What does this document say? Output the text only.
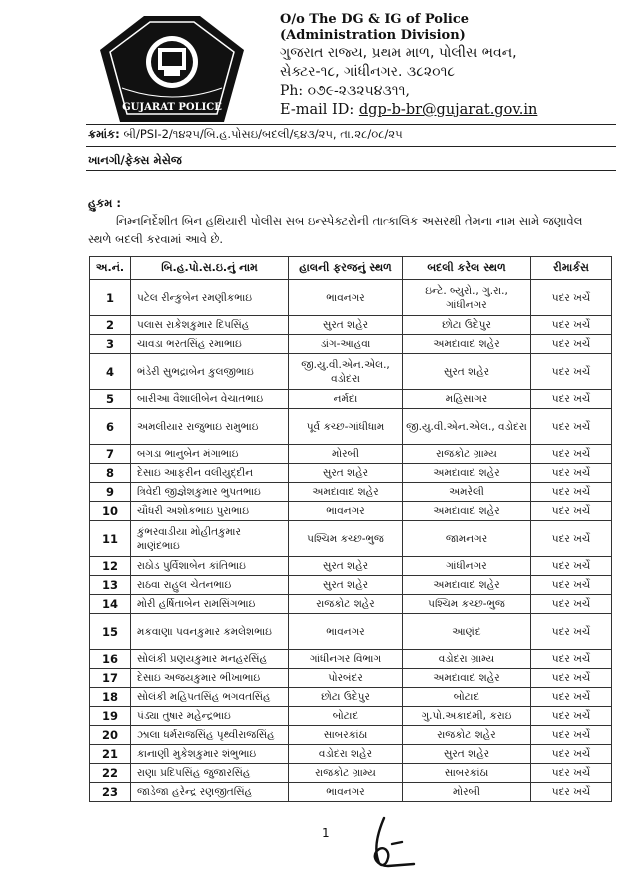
GUJARAT POLICE
O/o The DG & IG of Police
(Administration Division)
ગુજરાત રાજ્ય, પ્રથમ માળ, પોલીસ ભવન,
સેક્ટર-૧૮, ગાંધીનગર. ૩૮૨૦૧૮
Ph: ૦૭૯-૨૩૨૫૪૩૧૧,
E-mail ID: dgp-b-br@gujarat.gov.in
ક્રમાંક: બી/PSI-2/૧૪૨૫/બિ.હ.પોસઇ/બદલી/૬૪૩/૨૫, તા.૨૮/૦૮/૨૫
ખાનગી/ફેક્સ મેસેજ
હુકમ :
નિમ્નનિર્દેશીત બિન હથિયારી પોલીસ સબ ઇન્સ્પેક્ટરોની તાત્કાલિક અસરથી તેમના નામ સામે જણાવેલ સ્થળે બદલી કરવામાં આવે છે.
અ.નં.	બિ.હ.પો.સ.ઇ.નું નામ	હાલની ફરજનું સ્થળ	બદલી કરેલ સ્થળ	રીમાર્કસ
1	પટેલ રીન્કુબેન રમણીકભાઇ	ભાવનગર	ઇન્ટે. બ્યુરો., ગુ.રા., ગાંધીનગર	પદર ખર્ચે
2	પલાસ રાકેશકુમાર દિપસિંહ	સુરત શહેર	છોટા ઉદેપુર	પદર ખર્ચે
3	ચાવડા ભરતસિંહ રમાભાઇ	ડાંગ-આહવા	અમદાવાદ શહેર	પદર ખર્ચે
4	ભંડેરી સુભદ્રાબેન કુલજીભાઇ	જી.યુ.વી.એન.એલ., વડોદરા	સુરત શહેર	પદર ખર્ચે
5	બારીઆ વૈશાલીબેન વેચાતભાઇ	નર્મદા	મહિસાગર	પદર ખર્ચે
6	અમલીયાર રાજુભાઇ રામુભાઇ	પૂર્વ કચ્છ-ગાંધીધામ	જી.યુ.વી.એન.એલ., વડોદરા	પદર ખર્ચે
7	બગડા ભાનુબેન મંગાભાઇ	મોરબી	રાજકોટ ગ્રામ્ય	પદર ખર્ચે
8	દેસાઇ આફરીન વલીયુદ્દીન	સુરત શહેર	અમદાવાદ શહેર	પદર ખર્ચે
9	ત્રિવેદી જીજ્ઞેશકુમાર ભુપતભાઇ	અમદાવાદ શહેર	અમરેલી	પદર ખર્ચે
10	ચૌધરી અશોકભાઇ પુરાભાઇ	ભાવનગર	અમદાવાદ શહેર	પદર ખર્ચે
11	કુંભરવાડીયા મોહીતકુમાર માણંદભાઇ	પશ્ચિમ કચ્છ-ભુજ	જામનગર	પદર ખર્ચે
12	રાઠોડ પુર્વિશાબેન કાંતિભાઇ	સુરત શહેર	ગાંધીનગર	પદર ખર્ચે
13	રાઠવા રાહુલ ચેતનભાઇ	સુરત શહેર	અમદાવાદ શહેર	પદર ખર્ચે
14	મોરી હર્ષિતાબેન રામસિંગભાઇ	રાજકોટ શહેર	પશ્ચિમ કચ્છ-ભુજ	પદર ખર્ચે
15	મકવાણા પવનકુમાર કમલેશભાઇ	ભાવનગર	આણંદ	પદર ખર્ચે
16	સોલંકી પ્રણયકુમાર મનહરસિંહ	ગાંધીનગર વિભાગ	વડોદરા ગ્રામ્ય	પદર ખર્ચે
17	દેસાઇ અજયકુમાર ભીખાભાઇ	પોરબંદર	અમદાવાદ શહેર	પદર ખર્ચે
18	સોલંકી મહિપતસિંહ ભગવતસિંહ	છોટા ઉદેપુર	બોટાદ	પદર ખર્ચે
19	પંડ્યા તુષાર મહેન્દ્રભાઇ	બોટાદ	ગુ.પો.અકાદમી, કરાઇ	પદર ખર્ચે
20	ઝાલા ધર્મરાજસિંહ પૃથ્વીરાજસિંહ	સાબરકાંઠા	રાજકોટ શહેર	પદર ખર્ચે
21	કાનાણી મુકેશકુમાર શંભુભાઇ	વડોદરા શહેર	સુરત શહેર	પદર ખર્ચે
22	રાણા પ્રદિપસિંહ જુજારસિંહ	રાજકોટ ગ્રામ્ય	સાબરકાંઠા	પદર ખર્ચે
23	જાડેજા હરેન્દ્ર રણજીતસિંહ	ભાવનગર	મોરબી	પદર ખર્ચે
1
